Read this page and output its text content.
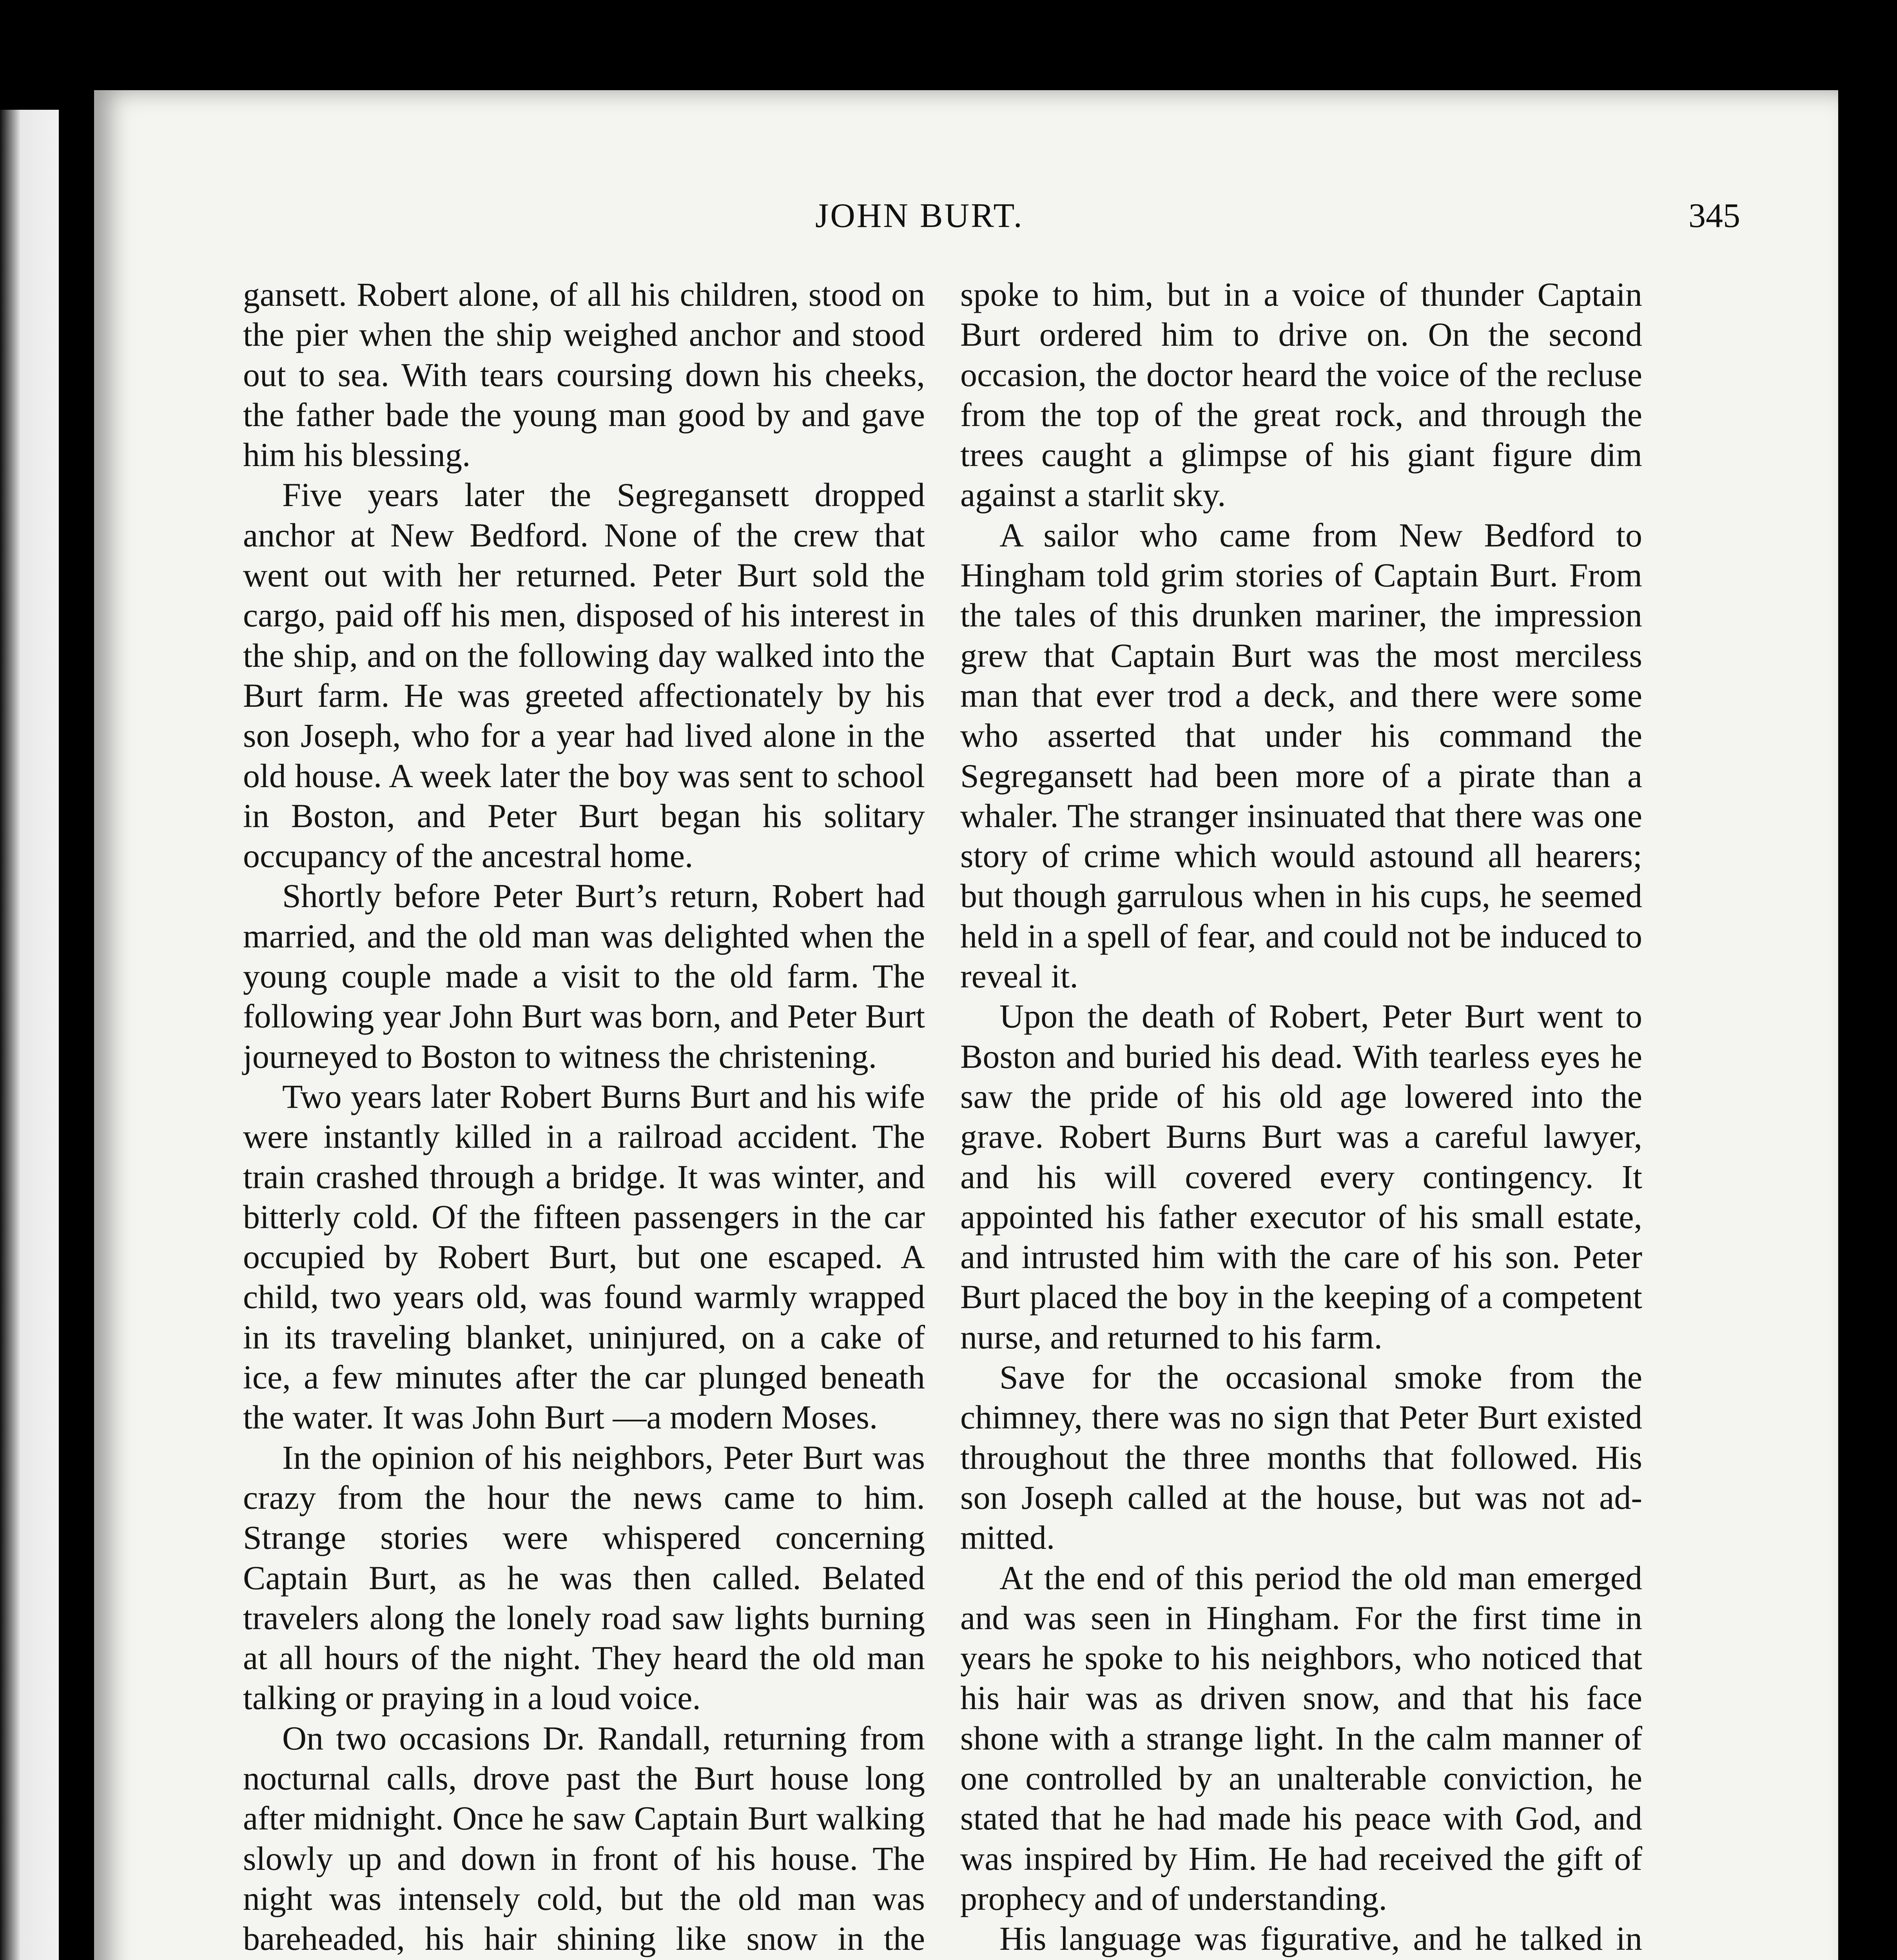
JOHN BURT.	345

gansett. Robert alone, of all his children, stood on the pier when the ship weighed anchor and stood out to sea. With tears coursing down his cheeks, the father bade the young man good by and gave him his blessing.

Five years later the Segregansett dropped anchor at New Bedford. None of the crew that went out with her returned. Peter Burt sold the cargo, paid off his men, disposed of his interest in the ship, and on the following day walked into the Burt farm. He was greeted affectionately by his son Joseph, who for a year had lived alone in the old house. A week later the boy was sent to school in Boston, and Peter Burt began his solitary occupancy of the ancestral home.

Shortly before Peter Burt’s return, Robert had married, and the old man was delighted when the young couple made a visit to the old farm. The following year John Burt was born, and Peter Burt journeyed to Boston to witness the christening.

Two years later Robert Burns Burt and his wife were instantly killed in a railroad accident. The train crashed through a bridge. It was winter, and bitterly cold. Of the fifteen passengers in the car occupied by Robert Burt, but one escaped. A child, two years old, was found warmly wrapped in its traveling blanket, uninjured, on a cake of ice, a few minutes after the car plunged beneath the water. It was John Burt —a modern Moses.

In the opinion of his neighbors, Peter Burt was crazy from the hour the news came to him. Strange stories were whispered concerning Captain Burt, as he was then called. Belated travelers along the lonely road saw lights burning at all hours of the night. They heard the old man talking or praying in a loud voice.

On two occasions Dr. Randall, returning from nocturnal calls, drove past the Burt house long after midnight. Once he saw Captain Burt walking slowly up and down in front of his house. The night was intensely cold, but the old man was bareheaded, his hair shining like snow in the

spoke to him, but in a voice of thunder Captain Burt ordered him to drive on. On the second occasion, the doctor heard the voice of the recluse from the top of the great rock, and through the trees caught a glimpse of his giant figure dim against a starlit sky.

A sailor who came from New Bedford to Hingham told grim stories of Captain Burt. From the tales of this drunken mariner, the impression grew that Captain Burt was the most merciless man that ever trod a deck, and there were some who asserted that under his command the Segregansett had been more of a pirate than a whaler. The stranger insinuated that there was one story of crime which would astound all hearers; but though garrulous when in his cups, he seemed held in a spell of fear, and could not be induced to reveal it.

Upon the death of Robert, Peter Burt went to Boston and buried his dead. With tearless eyes he saw the pride of his old age lowered into the grave. Robert Burns Burt was a careful lawyer, and his will covered every contingency. It appointed his father executor of his small estate, and intrusted him with the care of his son. Peter Burt placed the boy in the keeping of a competent nurse, and returned to his farm.

Save for the occasional smoke from the chimney, there was no sign that Peter Burt existed throughout the three months that followed. His son Joseph called at the house, but was not admitted.

At the end of this period the old man emerged and was seen in Hingham. For the first time in years he spoke to his neighbors, who noticed that his hair was as driven snow, and that his face shone with a strange light. In the calm manner of one controlled by an unalterable conviction, he stated that he had made his peace with God, and was inspired by Him. He had received the gift of prophecy and of understanding.

His language was figurative, and he talked in
